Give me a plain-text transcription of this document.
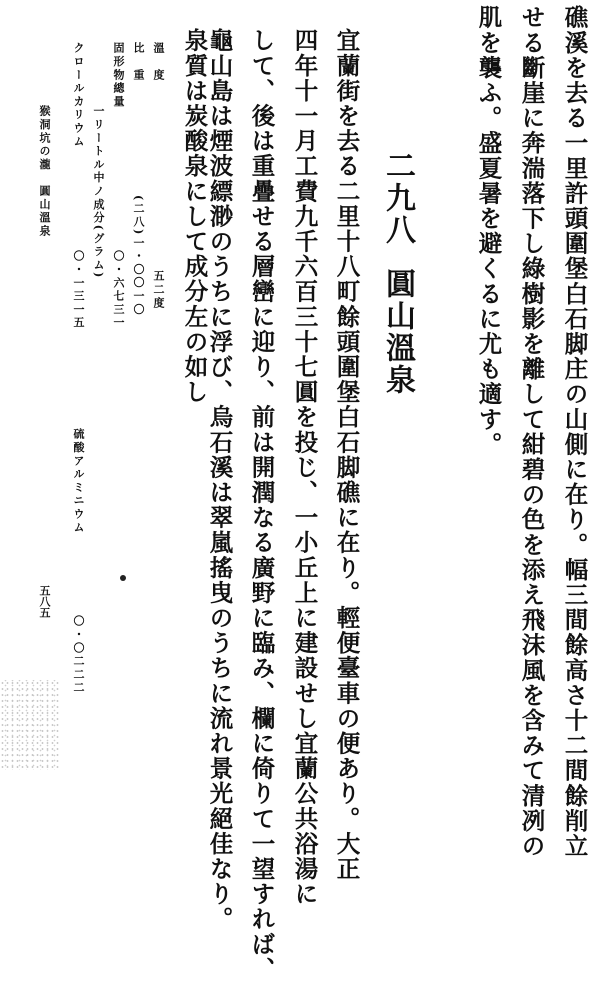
礁溪を去る一里許頭圍堡白石脚庄の山側に在り。幅三間餘高さ十二間餘削立
せる斷崖に奔湍落下し綠樹影を離して紺碧の色を添え飛沫風を含みて清冽の
肌を襲ふ。盛夏暑を避くるに尤も適す。
二九八
圓山溫泉
宜蘭街を去る二里十八町餘頭圍堡白石脚礁に在り。輕便臺車の便あり。大正
四年十一月工費九千六百三十七圓を投じ、一小丘上に建設せし宜蘭公共浴湯に
して、後は重疊せる層巒に迎り、前は開潤なる廣野に臨み、欄に倚りて一望すれば、
龜山島は煙波縹渺のうちに浮び、烏石溪は翠嵐搖曳のうちに流れ景光絕佳なり。
泉質は炭酸泉にして成分左の如し
溫　度
五二度
比　重
(二八)一・〇〇一〇
固形物總量
〇・六七三一
一リートル中ノ成分(グラム)
クロールカリウム
〇・一三一五
硫酸アルミニウム
〇・〇二二二
猴洞坑の瀧　圓山溫泉
五八五
